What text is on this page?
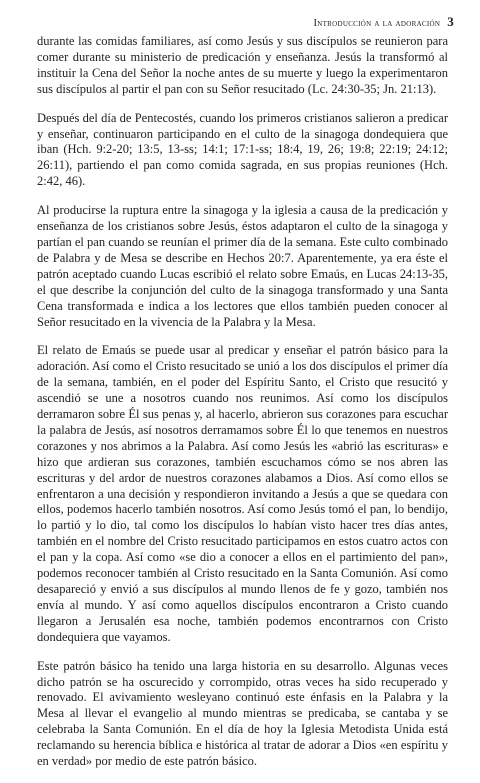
Introducción a la adoración 3

durante las comidas familiares, así como Jesús y sus discípulos se reunieron para comer durante su ministerio de predicación y enseñanza. Jesús la transformó al instituir la Cena del Señor la noche antes de su muerte y luego la experimentaron sus discípulos al partir el pan con su Señor resucitado (Lc. 24:30-35; Jn. 21:13).

Después del día de Pentecostés, cuando los primeros cristianos salieron a predicar y enseñar, continuaron participando en el culto de la sinagoga dondequiera que iban (Hch. 9:2-20; 13:5, 13-ss; 14:1; 17:1-ss; 18:4, 19, 26; 19:8; 22:19; 24:12; 26:11), partiendo el pan como comida sagrada, en sus propias reuniones (Hch. 2:42, 46).

Al producirse la ruptura entre la sinagoga y la iglesia a causa de la predicación y enseñanza de los cristianos sobre Jesús, éstos adaptaron el culto de la sinagoga y partían el pan cuando se reunían el primer día de la semana. Este culto combinado de Palabra y de Mesa se describe en Hechos 20:7. Aparentemente, ya era éste el patrón aceptado cuando Lucas escribió el relato sobre Emaús, en Lucas 24:13-35, el que describe la conjunción del culto de la sinagoga transformado y una Santa Cena transformada e indica a los lectores que ellos también pueden conocer al Señor resucitado en la vivencia de la Palabra y la Mesa.

El relato de Emaús se puede usar al predicar y enseñar el patrón básico para la adoración. Así como el Cristo resucitado se unió a los dos discípulos el primer día de la semana, también, en el poder del Espíritu Santo, el Cristo que resucitó y ascendió se une a nosotros cuando nos reunimos. Así como los discípulos derramaron sobre Él sus penas y, al hacerlo, abrieron sus corazones para escuchar la palabra de Jesús, así nosotros derramamos sobre Él lo que tenemos en nuestros corazones y nos abrimos a la Palabra. Así como Jesús les «abrió las escrituras» e hizo que ardieran sus corazones, también escuchamos cómo se nos abren las escrituras y del ardor de nuestros corazones alabamos a Dios. Así como ellos se enfrentaron a una decisión y respondieron invitando a Jesús a que se quedara con ellos, podemos hacerlo también nosotros. Así como Jesús tomó el pan, lo bendijo, lo partió y lo dio, tal como los discípulos lo habían visto hacer tres días antes, también en el nombre del Cristo resucitado participamos en estos cuatro actos con el pan y la copa. Así como «se dio a conocer a ellos en el partimiento del pan», podemos reconocer también al Cristo resucitado en la Santa Comunión. Así como desapareció y envió a sus discípulos al mundo llenos de fe y gozo, también nos envía al mundo. Y así como aquellos discípulos encontraron a Cristo cuando llegaron a Jerusalén esa noche, también podemos encontrarnos con Cristo dondequiera que vayamos.

Este patrón básico ha tenido una larga historia en su desarrollo. Algunas veces dicho patrón se ha oscurecido y corrompido, otras veces ha sido recuperado y renovado. El avivamiento wesleyano continuó este énfasis en la Palabra y la Mesa al llevar el evangelio al mundo mientras se predicaba, se cantaba y se celebraba la Santa Comunión. En el día de hoy la Iglesia Metodista Unida está reclamando su herencia bíblica e histórica al tratar de adorar a Dios «en espíritu y en verdad» por medio de este patrón básico.
